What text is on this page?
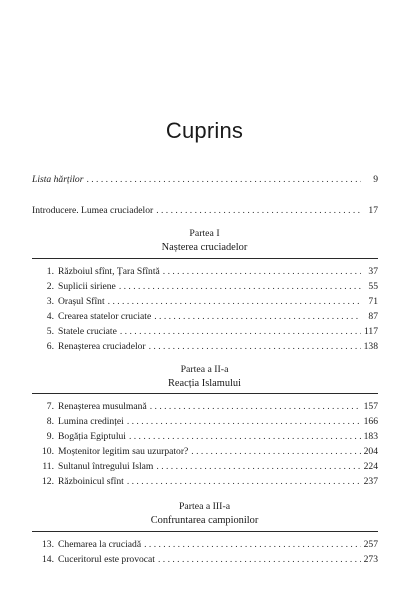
Cuprins
Lista hărților . . .	9
Introducere. Lumea cruciadelor . . .	17
Partea I
Nașterea cruciadelor
1. Războiul sfînt, Țara Sfîntă . . .	37
2. Suplicii siriene . . .	55
3. Orașul Sfînt . . .	71
4. Crearea statelor cruciate . . .	87
5. Statele cruciate . . .	117
6. Renașterea cruciadelor . . .	138
Partea a II-a
Reacția Islamului
7. Renașterea musulmană . . .	157
8. Lumina credinței . . .	166
9. Bogăția Egiptului . . .	183
10. Moștenitor legitim sau uzurpator? . . .	204
11. Sultanul întregului Islam . . .	224
12. Războinicul sfînt . . .	237
Partea a III-a
Confruntarea campionilor
13. Chemarea la cruciadă . . .	257
14. Cuceritorul este provocat . . .	273
